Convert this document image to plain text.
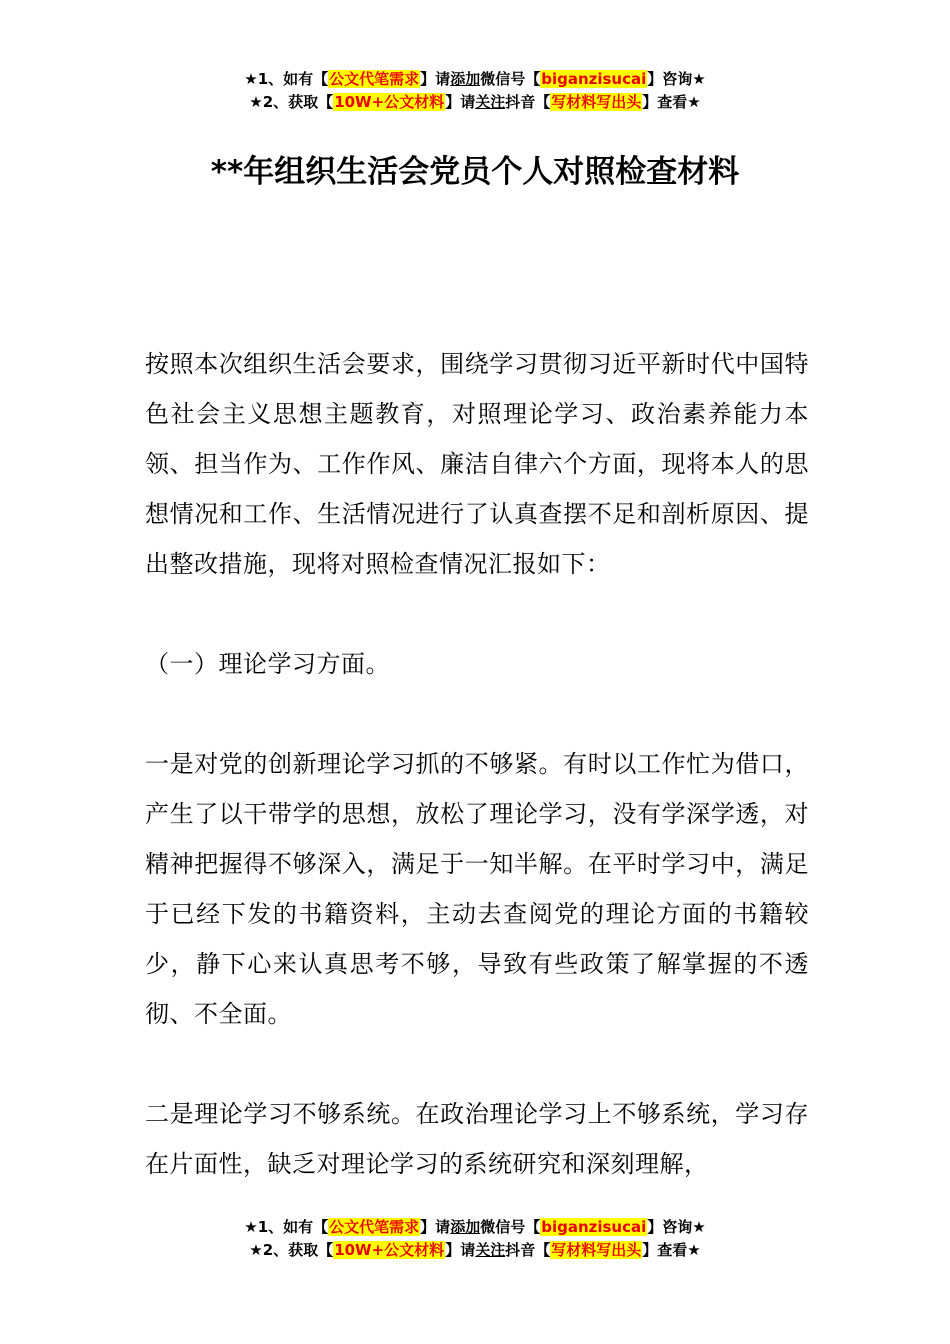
★1、如有【公文代笔需求】请添加微信号【biganzisucai】咨询★
★2、获取【10W+公文材料】请关注抖音【写材料写出头】查看★
**年组织生活会党员个人对照检查材料

按照本次组织生活会要求，围绕学习贯彻习近平新时代中国特色社会主义思想主题教育，对照理论学习、政治素养能力本领、担当作为、工作作风、廉洁自律六个方面，现将本人的思想情况和工作、生活情况进行了认真查摆不足和剖析原因、提出整改措施，现将对照检查情况汇报如下：

（一）理论学习方面。

一是对党的创新理论学习抓的不够紧。有时以工作忙为借口，产生了以干带学的思想，放松了理论学习，没有学深学透，对精神把握得不够深入，满足于一知半解。在平时学习中，满足于已经下发的书籍资料，主动去查阅党的理论方面的书籍较少，静下心来认真思考不够，导致有些政策了解掌握的不透彻、不全面。

二是理论学习不够系统。在政治理论学习上不够系统，学习存在片面性，缺乏对理论学习的系统研究和深刻理解，

★1、如有【公文代笔需求】请添加微信号【biganzisucai】咨询★
★2、获取【10W+公文材料】请关注抖音【写材料写出头】查看★
